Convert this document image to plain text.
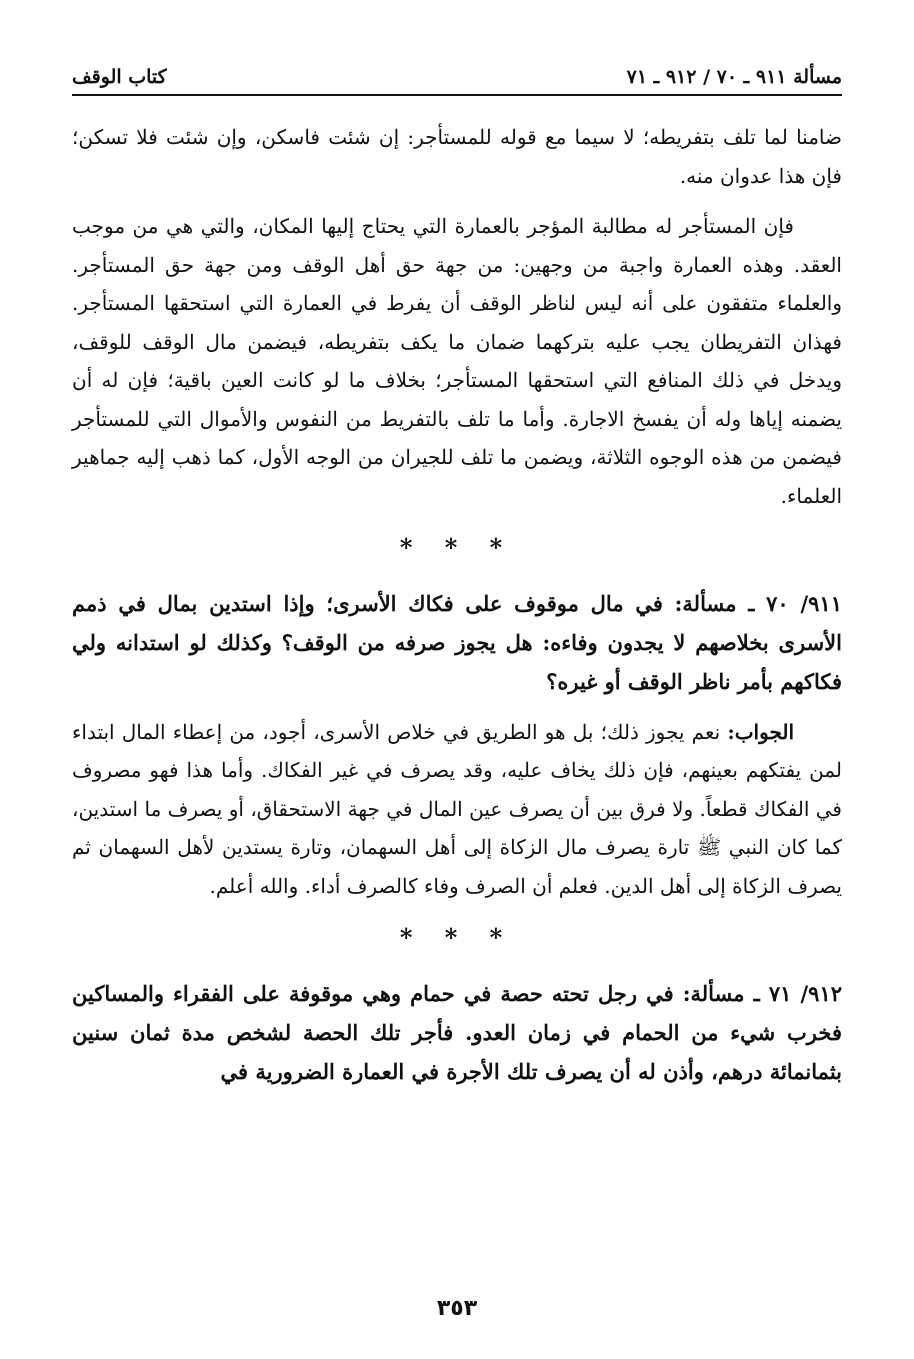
مسألة ٩١١ ـ ٧٠ / ٩١٢ ـ ٧١
كتاب الوقف

ضامنا لما تلف بتفريطه؛ لا سيما مع قوله للمستأجر: إن شئت فاسكن، وإن شئت فلا تسكن؛ فإن هذا عدوان منه.

فإن المستأجر له مطالبة المؤجر بالعمارة التي يحتاج إليها المكان، والتي هي من موجب العقد. وهذه العمارة واجبة من وجهين: من جهة حق أهل الوقف ومن جهة حق المستأجر. والعلماء متفقون على أنه ليس لناظر الوقف أن يفرط في العمارة التي استحقها المستأجر. فهذان التفريطان يجب عليه بتركهما ضمان ما يكف بتفريطه، فيضمن مال الوقف للوقف، ويدخل في ذلك المنافع التي استحقها المستأجر؛ بخلاف ما لو كانت العين باقية؛ فإن له أن يضمنه إياها وله أن يفسخ الاجارة. وأما ما تلف بالتفريط من النفوس والأموال التي للمستأجر فيضمن من هذه الوجوه الثلاثة، ويضمن ما تلف للجيران من الوجه الأول، كما ذهب إليه جماهير العلماء.

* * *

٩١١/ ٧٠ ـ مسألة: في مال موقوف على فكاك الأسرى؛ وإذا استدين بمال في ذمم الأسرى بخلاصهم لا يجدون وفاءه: هل يجوز صرفه من الوقف؟ وكذلك لو استدانه ولي فكاكهم بأمر ناظر الوقف أو غيره؟

الجواب: نعم يجوز ذلك؛ بل هو الطريق في خلاص الأسرى، أجود، من إعطاء المال ابتداء لمن يفتكهم بعينهم، فإن ذلك يخاف عليه، وقد يصرف في غير الفكاك. وأما هذا فهو مصروف في الفكاك قطعاً. ولا فرق بين أن يصرف عين المال في جهة الاستحقاق، أو يصرف ما استدين، كما كان النبي ﷺ تارة يصرف مال الزكاة إلى أهل السهمان، وتارة يستدين لأهل السهمان ثم يصرف الزكاة إلى أهل الدين. فعلم أن الصرف وفاء كالصرف أداء. والله أعلم.

* * *

٩١٢/ ٧١ ـ مسألة: في رجل تحته حصة في حمام وهي موقوفة على الفقراء والمساكين فخرب شيء من الحمام في زمان العدو. فأجر تلك الحصة لشخص مدة ثمان سنين بثمانمائة درهم، وأذن له أن يصرف تلك الأجرة في العمارة الضرورية في

٣٥٣
